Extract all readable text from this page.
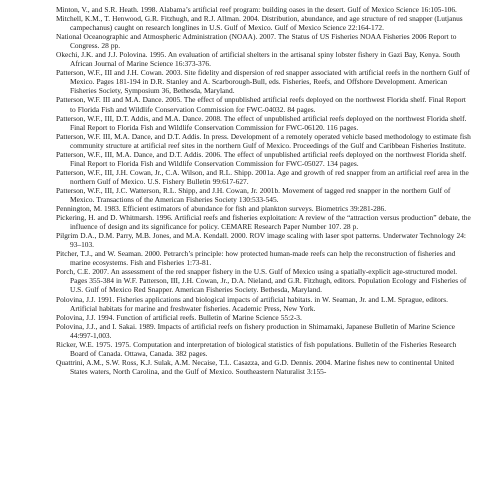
Minton, V., and S.R. Heath. 1998. Alabama’s artificial reef program: building oases in the desert. Gulf of Mexico Science 16:105-106.

Mitchell, K.M., T. Henwood, G.R. Fitzhugh, and R.J. Allman. 2004. Distribution, abundance, and age structure of red snapper (Lutjanus campechanus) caught on research longlines in U.S. Gulf of Mexico. Gulf of Mexico Science 22:164-172.

National Oceanographic and Atmospheric Administration (NOAA). 2007. The Status of US Fisheries NOAA Fisheries 2006 Report to Congress. 28 pp.

Okechi, J.K. and J.J. Polovina. 1995. An evaluation of artificial shelters in the artisanal spiny lobster fishery in Gazi Bay, Kenya. South African Journal of Marine Science 16:373-376.

Patterson, W.F., III and J.H. Cowan. 2003. Site fidelity and dispersion of red snapper associated with artificial reefs in the northern Gulf of Mexico. Pages 181-194 in D.R. Stanley and A. Scarborough-Bull, eds. Fisheries, Reefs, and Offshore Development. American Fisheries Society, Symposium 36, Bethesda, Maryland.

Patterson, W.F. III and M.A. Dance. 2005. The effect of unpublished artificial reefs deployed on the northwest Florida shelf. Final Report to Florida Fish and Wildlife Conservation Commission for FWC-04032. 84 pages.

Patterson, W.F., III, D.T. Addis, and M.A. Dance. 2008. The effect of unpublished artificial reefs deployed on the northwest Florida shelf. Final Report to Florida Fish and Wildlife Conservation Commission for FWC-06120. 116 pages.

Patterson, W.F. III, M.A. Dance, and D.T. Addis. In press. Development of a remotely operated vehicle based methodology to estimate fish community structure at artificial reef sites in the northern Gulf of Mexico. Proceedings of the Gulf and Caribbean Fisheries Institute.

Patterson, W.F., III, M.A. Dance, and D.T. Addis. 2006. The effect of unpublished artificial reefs deployed on the northwest Florida shelf. Final Report to Florida Fish and Wildlife Conservation Commission for FWC-05027. 134 pages.

Patterson, W.F., III, J.H. Cowan, Jr., C.A. Wilson, and R.L. Shipp. 2001a. Age and growth of red snapper from an artificial reef area in the northern Gulf of Mexico. U.S. Fishery Bulletin 99:617-627.

Patterson, W.F., III, J.C. Watterson, R.L. Shipp, and J.H. Cowan, Jr. 2001b. Movement of tagged red snapper in the northern Gulf of Mexico. Transactions of the American Fisheries Society 130:533-545.

Pennington, M. 1983. Efficient estimators of abundance for fish and plankton surveys. Biometrics 39:281-286.

Pickering, H. and D. Whitmarsh. 1996. Artificial reefs and fisheries exploitation: A review of the “attraction versus production” debate, the influence of design and its significance for policy. CEMARE Research Paper Number 107. 28 p.

Pilgrim D.A., D.M. Parry, M.B. Jones, and M.A. Kendall. 2000. ROV image scaling with laser spot patterns. Underwater Technology 24: 93–103.

Pitcher, T.J., and W. Seaman. 2000. Petrarch’s principle: how protected human-made reefs can help the reconstruction of fisheries and marine ecosystems. Fish and Fisheries 1:73-81.

Porch, C.E. 2007. An assessment of the red snapper fishery in the U.S. Gulf of Mexico using a spatially-explicit age-structured model. Pages 355-384 in W.F. Patterson, III, J.H. Cowan, Jr., D.A. Nieland, and G.R. Fitzhugh, editors. Population Ecology and Fisheries of U.S. Gulf of Mexico Red Snapper. American Fisheries Society. Bethesda, Maryland.

Polovina, J.J. 1991. Fisheries applications and biological impacts of artificial habitats. in W. Seaman, Jr. and L.M. Sprague, editors. Artificial habitats for marine and freshwater fisheries. Academic Press, New York.

Polovina, J.J. 1994. Function of artificial reefs. Bulletin of Marine Science 55:2-3.

Polovina, J.J., and I. Sakai. 1989. Impacts of artificial reefs on fishery production in Shimamaki, Japanese Bulletin of Marine Science 44:997-1,003.

Ricker, W.E. 1975. 1975. Computation and interpretation of biological statistics of fish populations. Bulletin of the Fisheries Research Board of Canada. Ottawa, Canada. 382 pages.

Quattrini, A.M., S.W. Ross, K.J. Sulak, A.M. Necaise, T.L. Casazza, and G.D. Dennis. 2004. Marine fishes new to continental United States waters, North Carolina, and the Gulf of Mexico. Southeastern Naturalist 3:155-
